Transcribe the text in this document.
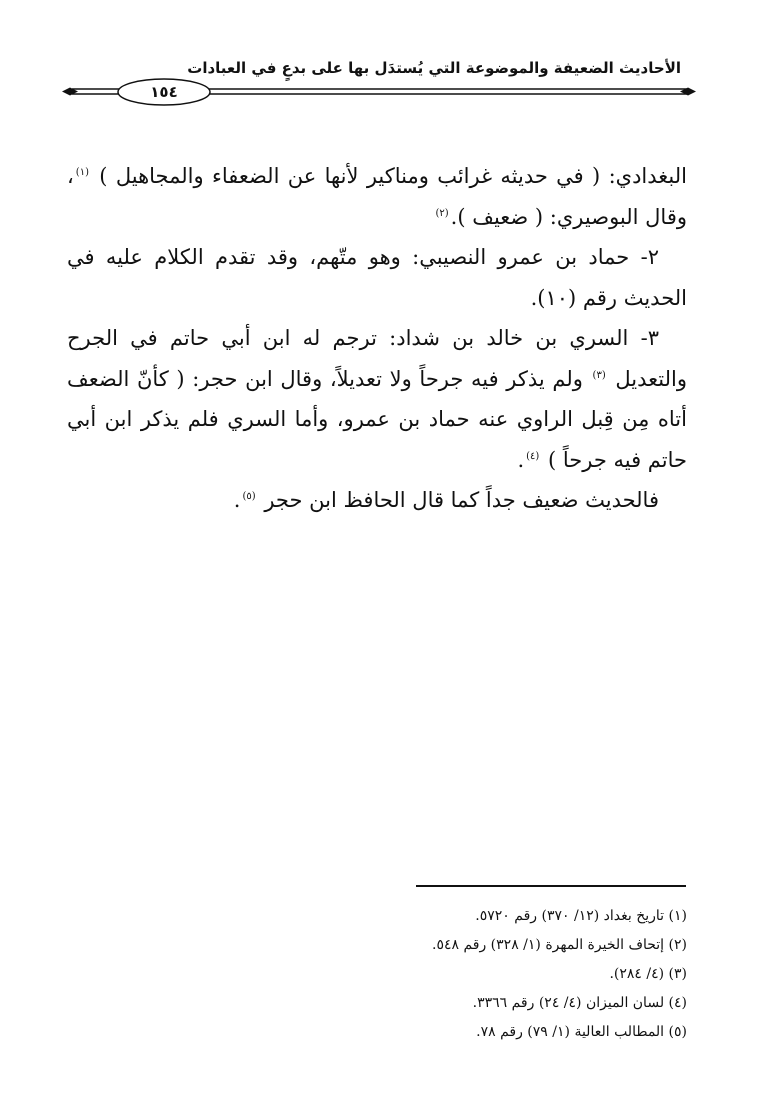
الأحاديث الضعيفة والموضوعة التي يُستدَل بها على بدعٍ في العبادات
١٥٤

البغدادي: ( في حديثه غرائب ومناكير لأنها عن الضعفاء والمجاهيل ) $^{(١)}$، وقال البوصيري: ( ضعيف ).$^{(٢)}$

٢- حماد بن عمرو النصيبي: وهو متّهم، وقد تقدم الكلام عليه في الحديث رقم (١٠).

٣- السري بن خالد بن شداد: ترجم له ابن أبي حاتم في الجرح والتعديل $^{(٣)}$ ولم يذكر فيه جرحاً ولا تعديلاً، وقال ابن حجر: ( كأنّ الضعف أتاه مِن قِبل الراوي عنه حماد بن عمرو، وأما السري فلم يذكر ابن أبي حاتم فيه جرحاً ) $^{(٤)}$.

فالحديث ضعيف جداً كما قال الحافظ ابن حجر $^{(٥)}$.

(١) تاريخ بغداد (١٢/ ٣٧٠) رقم ٥٧٢٠.
(٢) إتحاف الخيرة المهرة (١/ ٣٢٨) رقم ٥٤٨.
(٣) (٤/ ٢٨٤).
(٤) لسان الميزان (٤/ ٢٤) رقم ٣٣٦٦.
(٥) المطالب العالية (١/ ٧٩) رقم ٧٨.
